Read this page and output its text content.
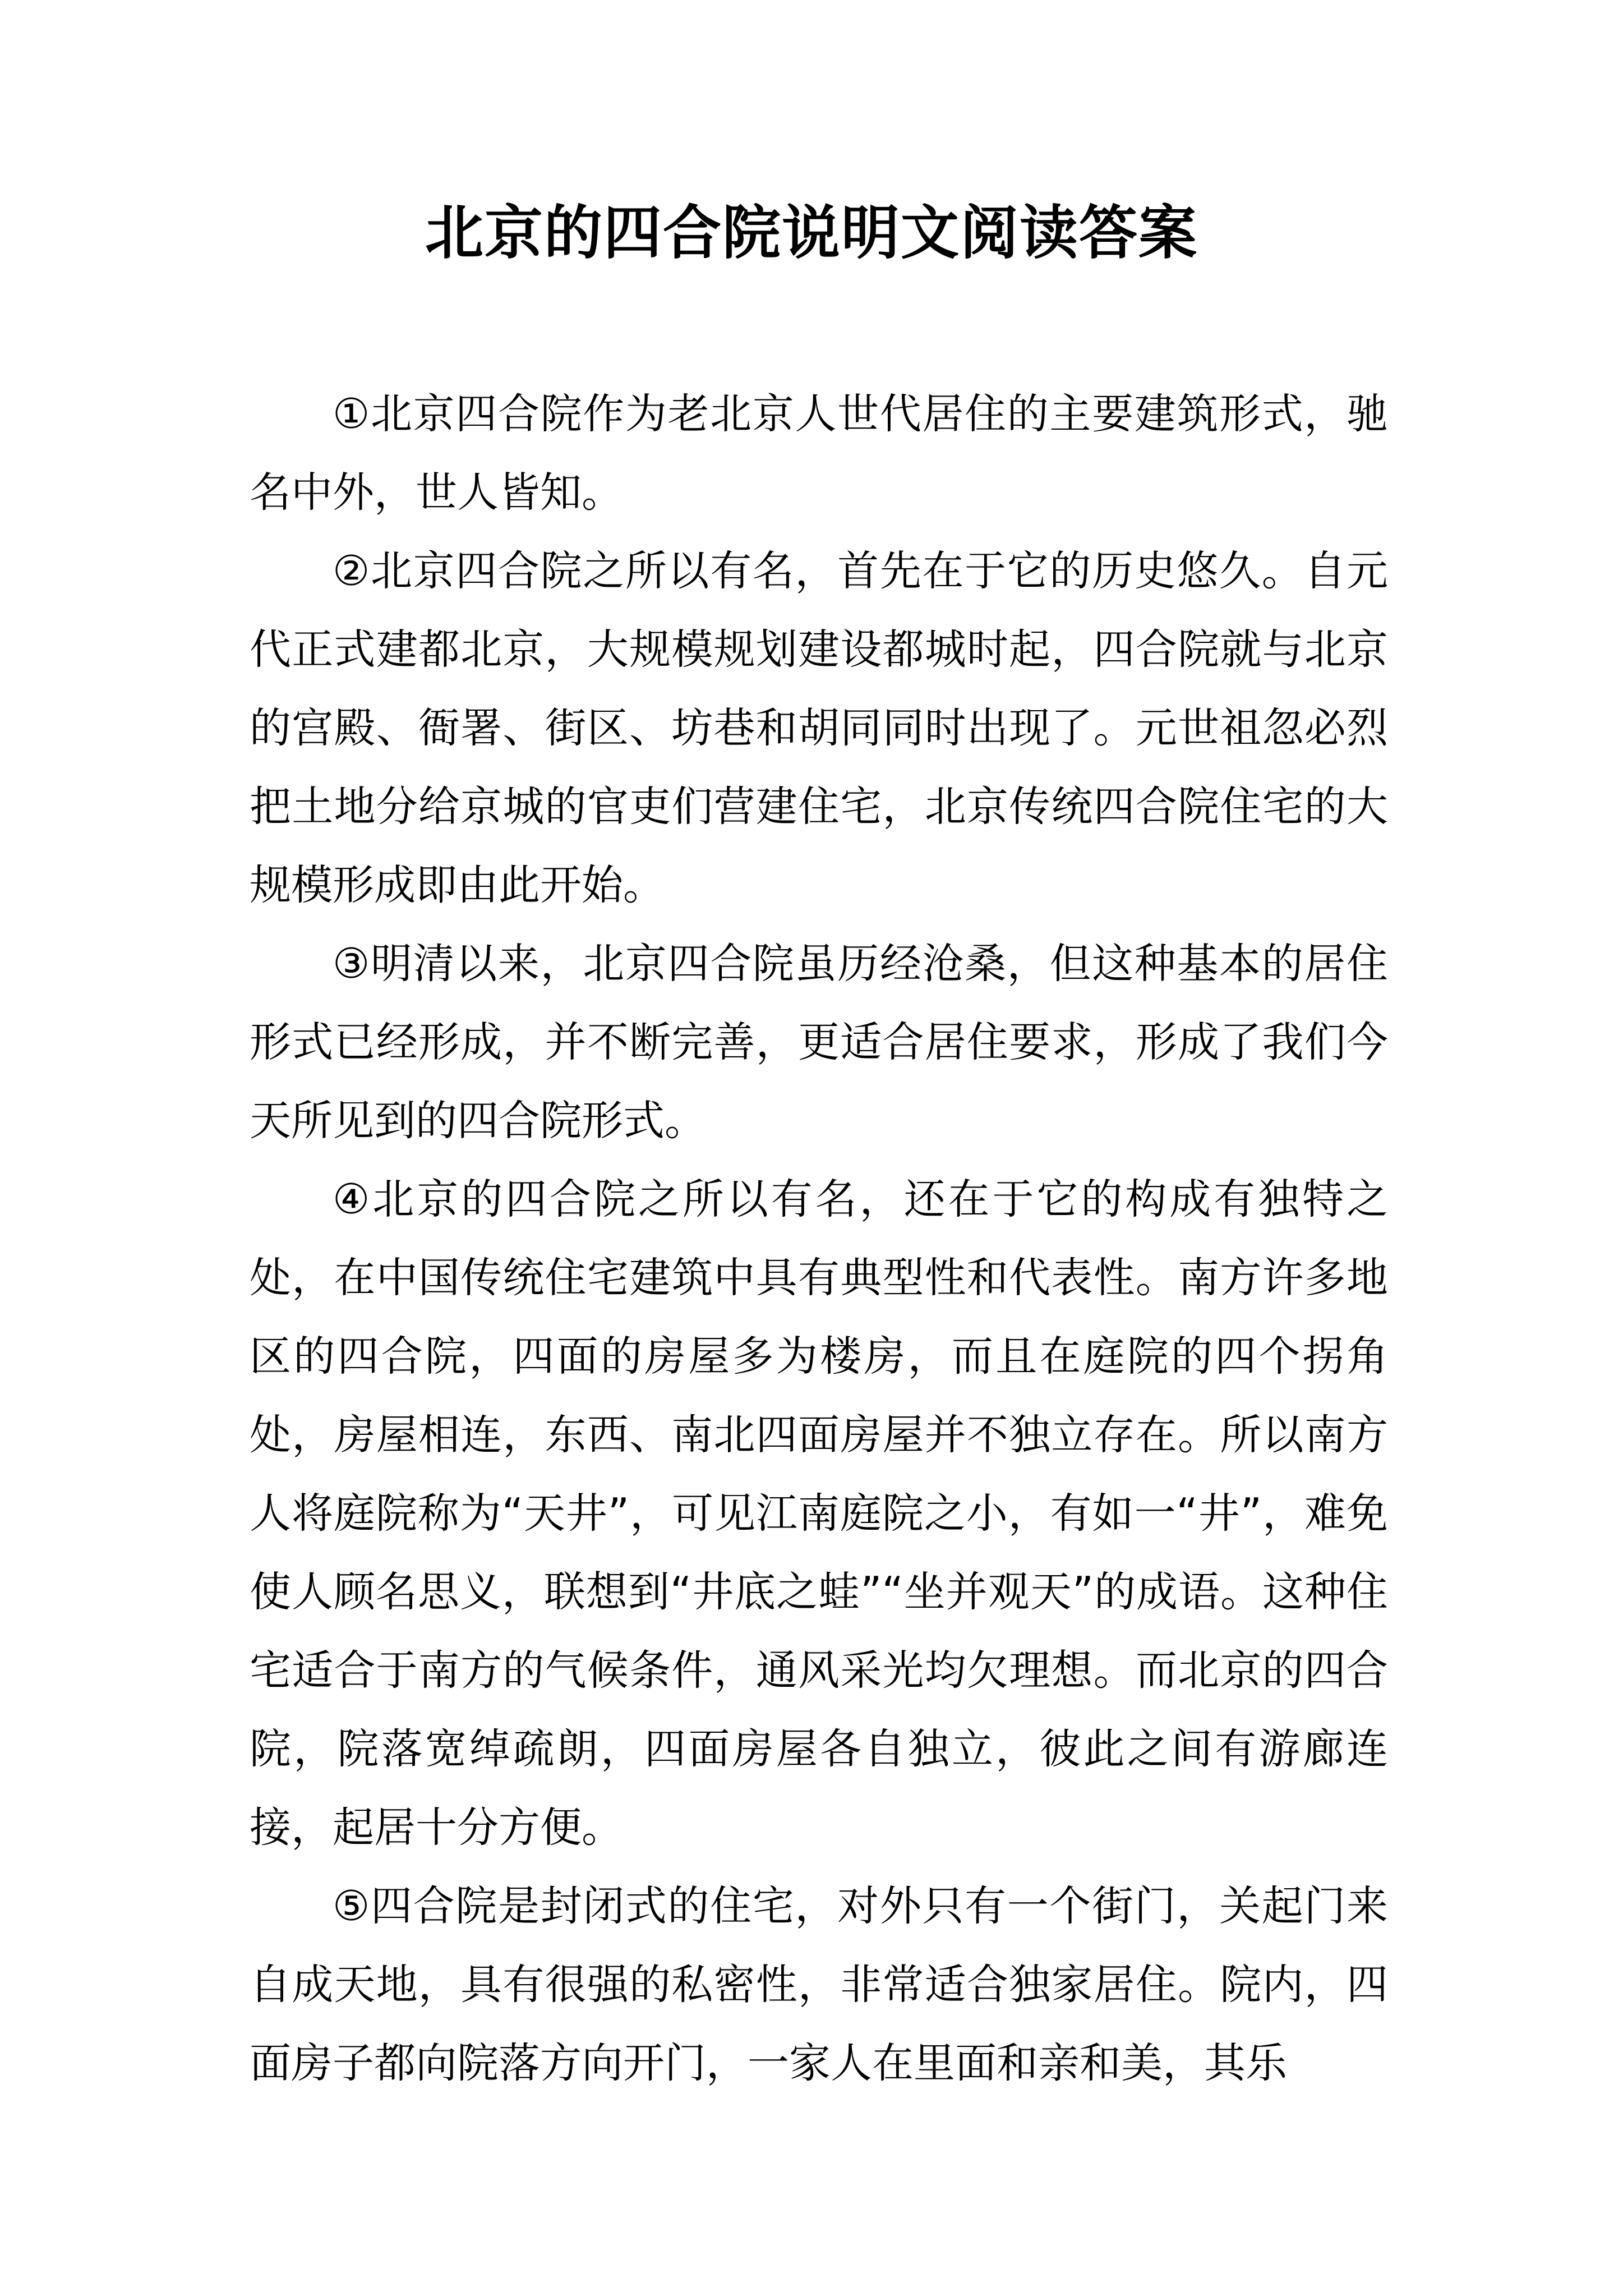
北京的四合院说明文阅读答案

①北京四合院作为老北京人世代居住的主要建筑形式，驰名中外，世人皆知。

②北京四合院之所以有名，首先在于它的历史悠久。自元代正式建都北京，大规模规划建设都城时起，四合院就与北京的宫殿、衙署、街区、坊巷和胡同同时出现了。元世祖忽必烈把土地分给京城的官吏们营建住宅，北京传统四合院住宅的大规模形成即由此开始。

③明清以来，北京四合院虽历经沧桑，但这种基本的居住形式已经形成，并不断完善，更适合居住要求，形成了我们今天所见到的四合院形式。

④北京的四合院之所以有名，还在于它的构成有独特之处，在中国传统住宅建筑中具有典型性和代表性。南方许多地区的四合院，四面的房屋多为楼房，而且在庭院的四个拐角处，房屋相连，东西、南北四面房屋并不独立存在。所以南方人将庭院称为“天井”，可见江南庭院之小，有如一“井”，难免使人顾名思义，联想到“井底之蛙”“坐并观天”的成语。这种住宅适合于南方的气候条件，通风采光均欠理想。而北京的四合院，院落宽绰疏朗，四面房屋各自独立，彼此之间有游廊连接，起居十分方便。

⑤四合院是封闭式的住宅，对外只有一个街门，关起门来自成天地，具有很强的私密性，非常适合独家居住。院内，四面房子都向院落方向开门，一家人在里面和亲和美，其乐
